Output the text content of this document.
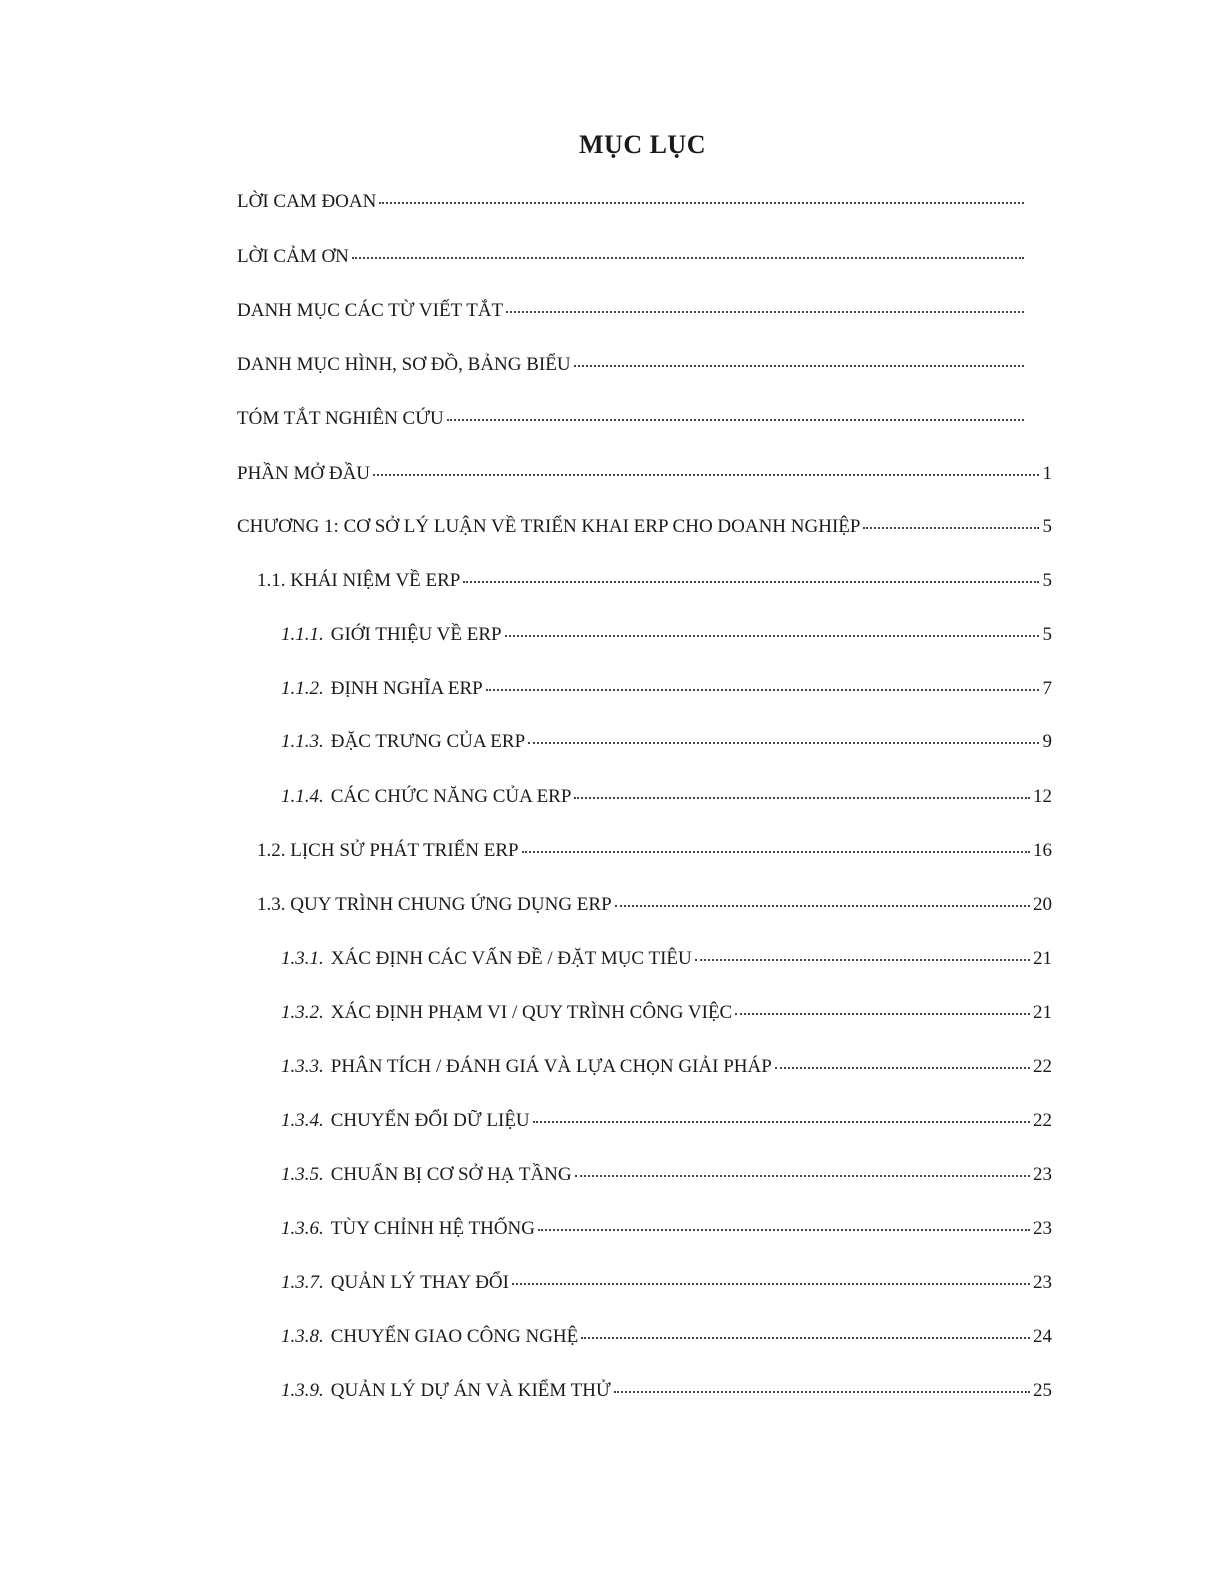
MỤC LỤC
LỜI CAM ĐOAN
LỜI CẢM ƠN
DANH MỤC CÁC TỪ VIẾT TẮT
DANH MỤC HÌNH, SƠ ĐỒ, BẢNG BIỂU
TÓM TẮT NGHIÊN CỨU
PHẦN MỞ ĐẦU	1
CHƯƠNG 1: CƠ SỞ LÝ LUẬN VỀ TRIỂN KHAI ERP CHO DOANH NGHIỆP	5
1.1. KHÁI NIỆM VỀ ERP	5
1.1.1. GIỚI THIỆU VỀ ERP	5
1.1.2. ĐỊNH NGHĨA ERP	7
1.1.3. ĐẶC TRƯNG CỦA ERP	9
1.1.4. CÁC CHỨC NĂNG CỦA ERP	12
1.2. LỊCH SỬ PHÁT TRIỂN ERP	16
1.3. QUY TRÌNH CHUNG ỨNG DỤNG ERP	20
1.3.1. XÁC ĐỊNH CÁC VẤN ĐỀ / ĐẶT MỤC TIÊU	21
1.3.2. XÁC ĐỊNH PHẠM VI / QUY TRÌNH CÔNG VIỆC	21
1.3.3. PHÂN TÍCH / ĐÁNH GIÁ VÀ LỰA CHỌN GIẢI PHÁP	22
1.3.4. CHUYỂN ĐỔI DỮ LIỆU	22
1.3.5. CHUẨN BỊ CƠ SỞ HẠ TẦNG	23
1.3.6. TÙY CHỈNH HỆ THỐNG	23
1.3.7. QUẢN LÝ THAY ĐỔI	23
1.3.8. CHUYỂN GIAO CÔNG NGHỆ	24
1.3.9. QUẢN LÝ DỰ ÁN VÀ KIỂM THỬ	25
